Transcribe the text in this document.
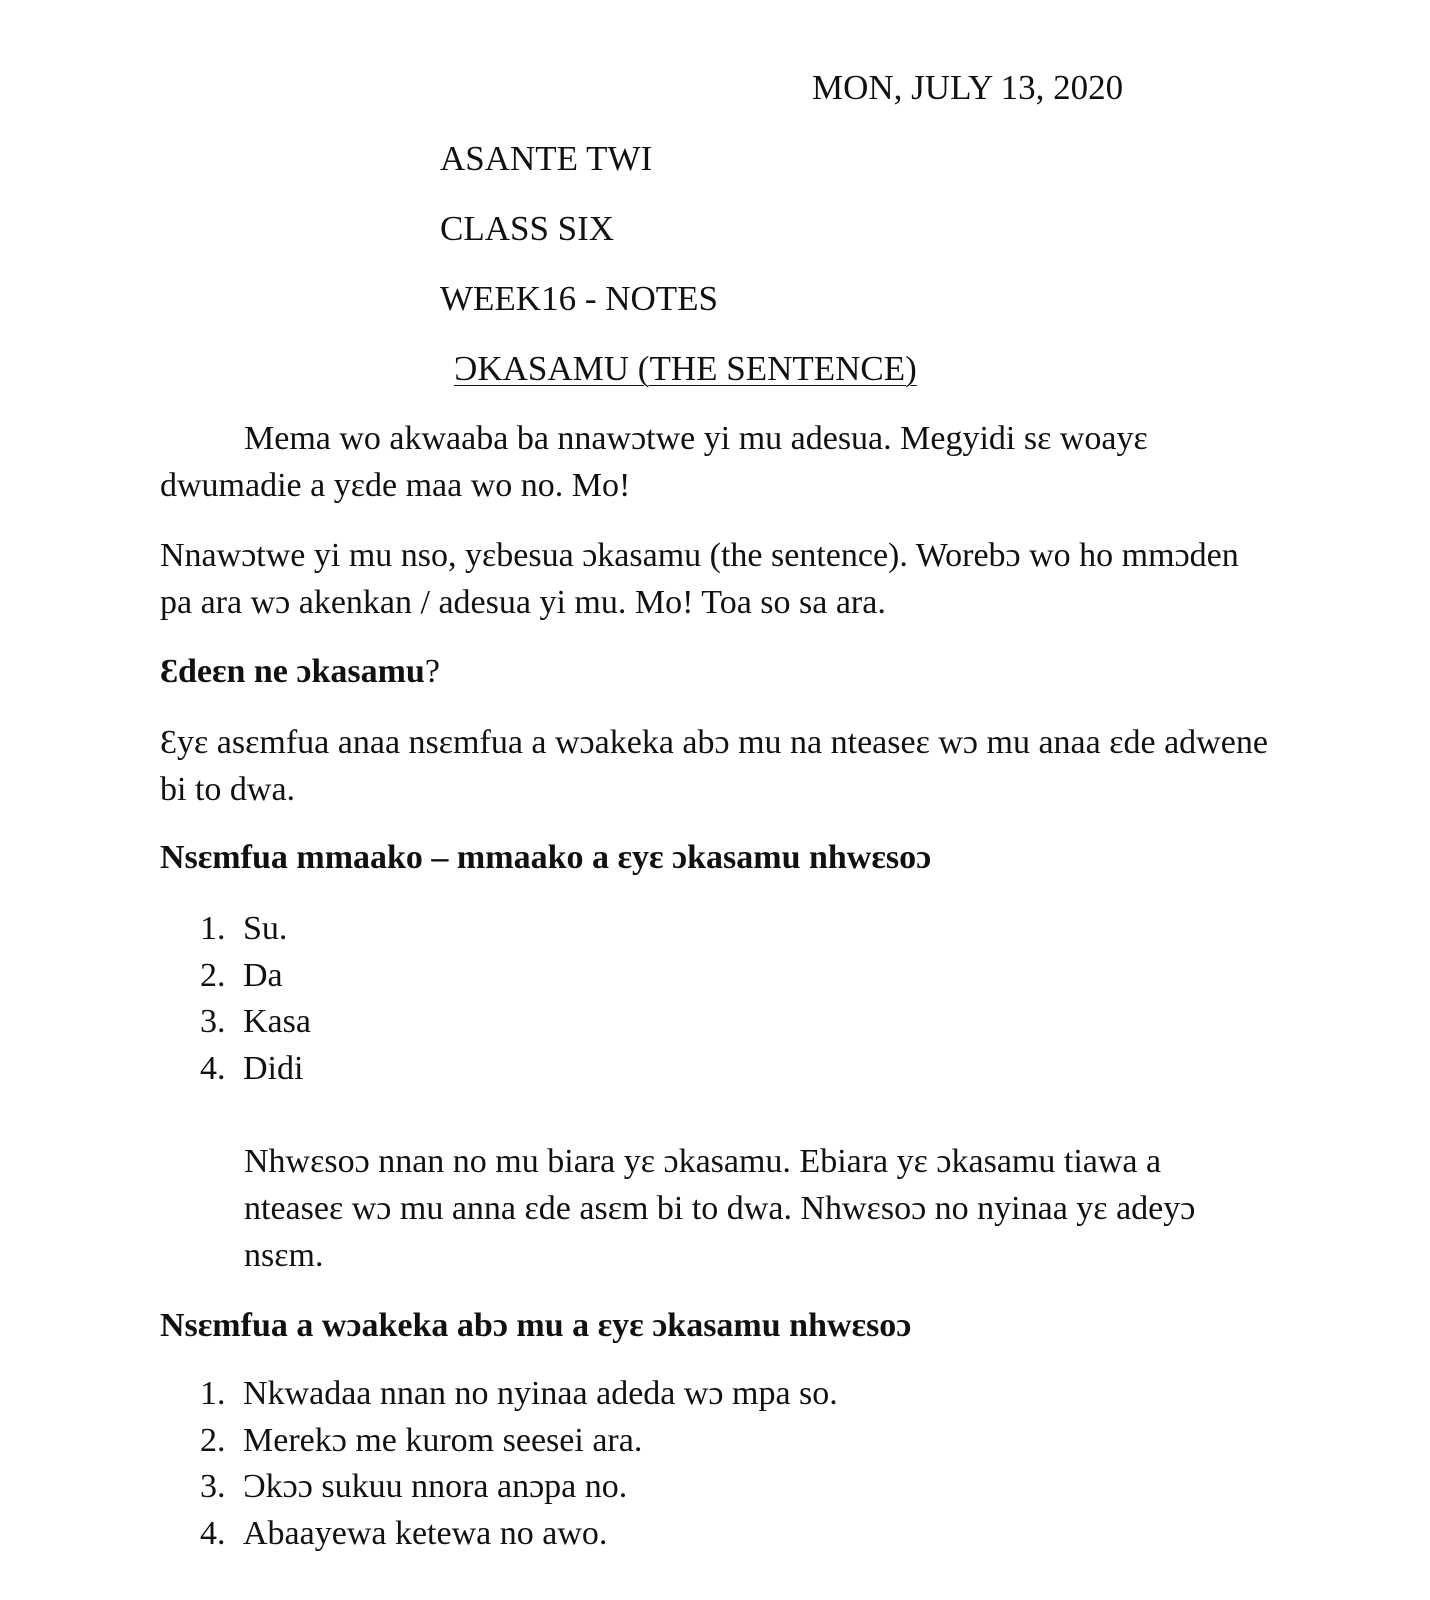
MON, JULY 13, 2020
ASANTE TWI
CLASS SIX
WEEK16 - NOTES
ƆKASAMU (THE SENTENCE)

Mema wo akwaaba ba nnawɔtwe yi mu adesua. Megyidi sɛ woayɛ dwumadie a yɛde maa wo no. Mo!

Nnawɔtwe yi mu nso, yɛbesua ɔkasamu (the sentence). Worebɔ wo ho mmɔden pa ara wɔ akenkan / adesua yi mu. Mo! Toa so sa ara.

Ɛdeɛn ne ɔkasamu?

Ɛyɛ asɛmfua anaa nsɛmfua a wɔakeka abɔ mu na nteaseɛ wɔ mu anaa ɛde adwene bi to dwa.

Nsɛmfua mmaako – mmaako a ɛyɛ ɔkasamu nhwɛsoɔ
1. Su.
2. Da
3. Kasa
4. Didi

Nhwɛsoɔ nnan no mu biara yɛ ɔkasamu. Ebiara yɛ ɔkasamu tiawa a nteaseɛ wɔ mu anna ɛde asɛm bi to dwa. Nhwɛsoɔ no nyinaa yɛ adeyɔ nsɛm.

Nsɛmfua a wɔakeka abɔ mu a ɛyɛ ɔkasamu nhwɛsoɔ
1. Nkwadaa nnan no nyinaa adeda wɔ mpa so.
2. Merekɔ me kurom seesei ara.
3. Ɔkɔɔ sukuu nnora anɔpa no.
4. Abaayewa ketewa no awo.
